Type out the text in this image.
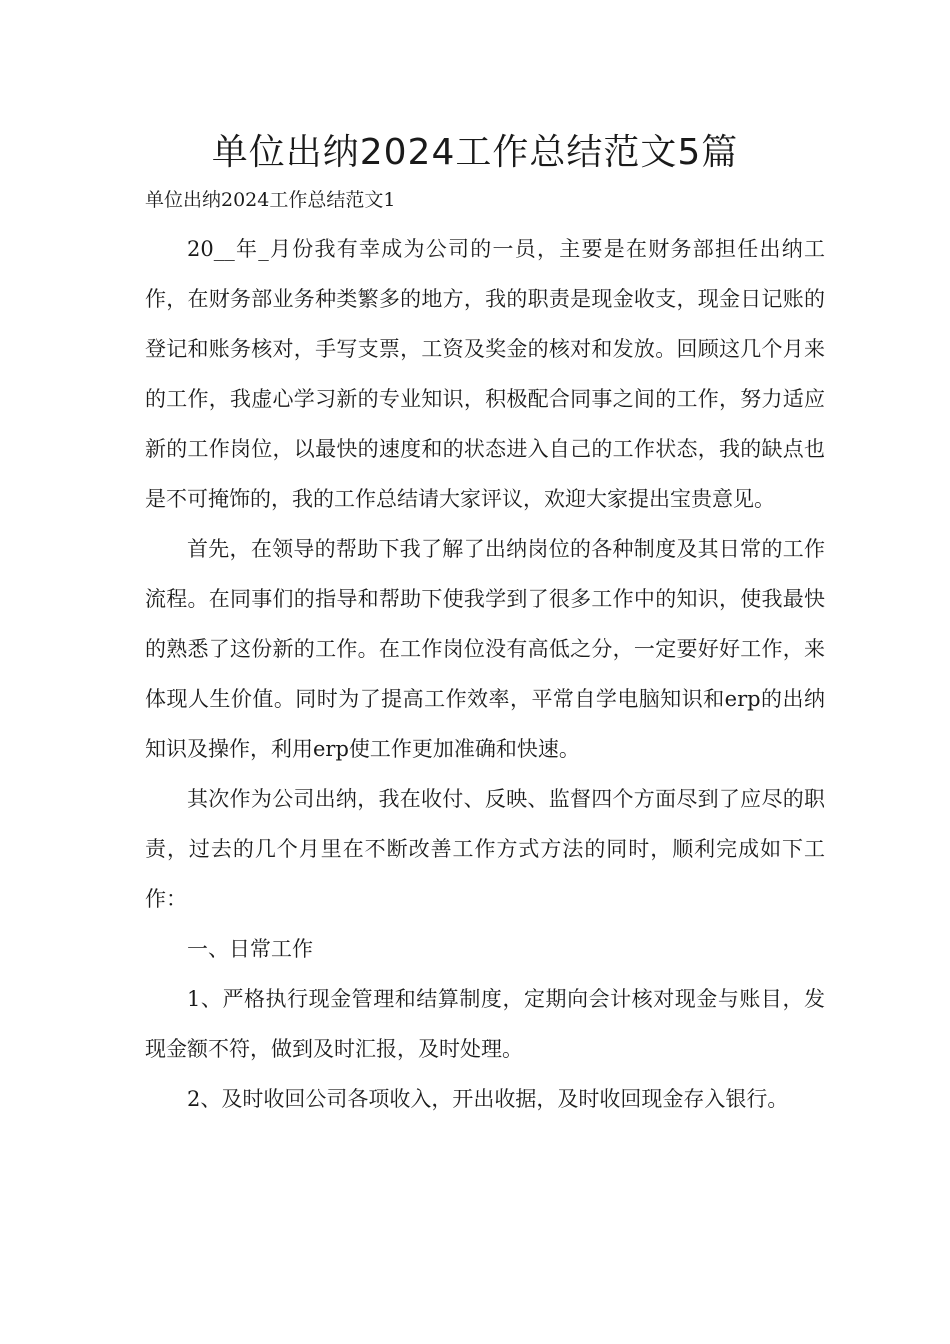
单位出纳2024工作总结范文5篇

单位出纳2024工作总结范文1

20__年_月份我有幸成为公司的一员，主要是在财务部担任出纳工作，在财务部业务种类繁多的地方，我的职责是现金收支，现金日记账的登记和账务核对，手写支票，工资及奖金的核对和发放。回顾这几个月来的工作，我虚心学习新的专业知识，积极配合同事之间的工作，努力适应新的工作岗位，以最快的速度和的状态进入自己的工作状态，我的缺点也是不可掩饰的，我的工作总结请大家评议，欢迎大家提出宝贵意见。

首先，在领导的帮助下我了解了出纳岗位的各种制度及其日常的工作流程。在同事们的指导和帮助下使我学到了很多工作中的知识，使我最快的熟悉了这份新的工作。在工作岗位没有高低之分，一定要好好工作，来体现人生价值。同时为了提高工作效率，平常自学电脑知识和erp的出纳知识及操作，利用erp使工作更加准确和快速。

其次作为公司出纳，我在收付、反映、监督四个方面尽到了应尽的职责，过去的几个月里在不断改善工作方式方法的同时，顺利完成如下工作：

一、日常工作

1、严格执行现金管理和结算制度，定期向会计核对现金与账目，发现金额不符，做到及时汇报，及时处理。

2、及时收回公司各项收入，开出收据，及时收回现金存入银行。
